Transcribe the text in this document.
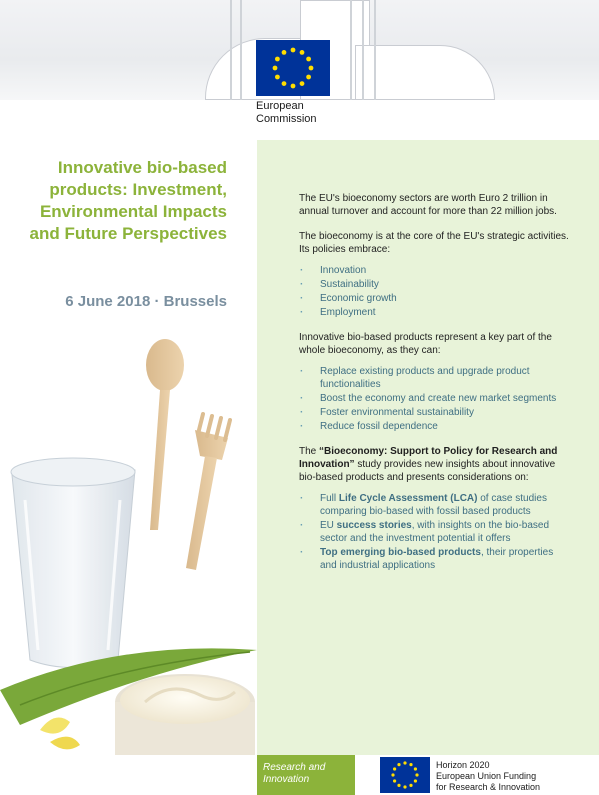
European
Commission
Innovative bio-based products: Investment, Environmental Impacts and Future Perspectives
6 June 2018 · Brussels

The EU's bioeconomy sectors are worth Euro 2 trillion in annual turnover and account for more than 22 million jobs.

The bioeconomy is at the core of the EU's strategic activities. Its policies embrace:

· Innovation
· Sustainability
· Economic growth
· Employment

Innovative bio-based products represent a key part of the whole bioeconomy, as they can:

· Replace existing products and upgrade product functionalities
· Boost the economy and create new market segments
· Foster environmental sustainability
· Reduce fossil dependence

The “Bioeconomy: Support to Policy for Research and Innovation” study provides new insights about innovative bio-based products and presents considerations on:

· Full Life Cycle Assessment (LCA) of case studies comparing bio-based with fossil based products
· EU success stories, with insights on the bio-based sector and the investment potential it offers
· Top emerging bio-based products, their properties and industrial applications
Research and
Innovation
Horizon 2020
European Union Funding
for Research & Innovation
